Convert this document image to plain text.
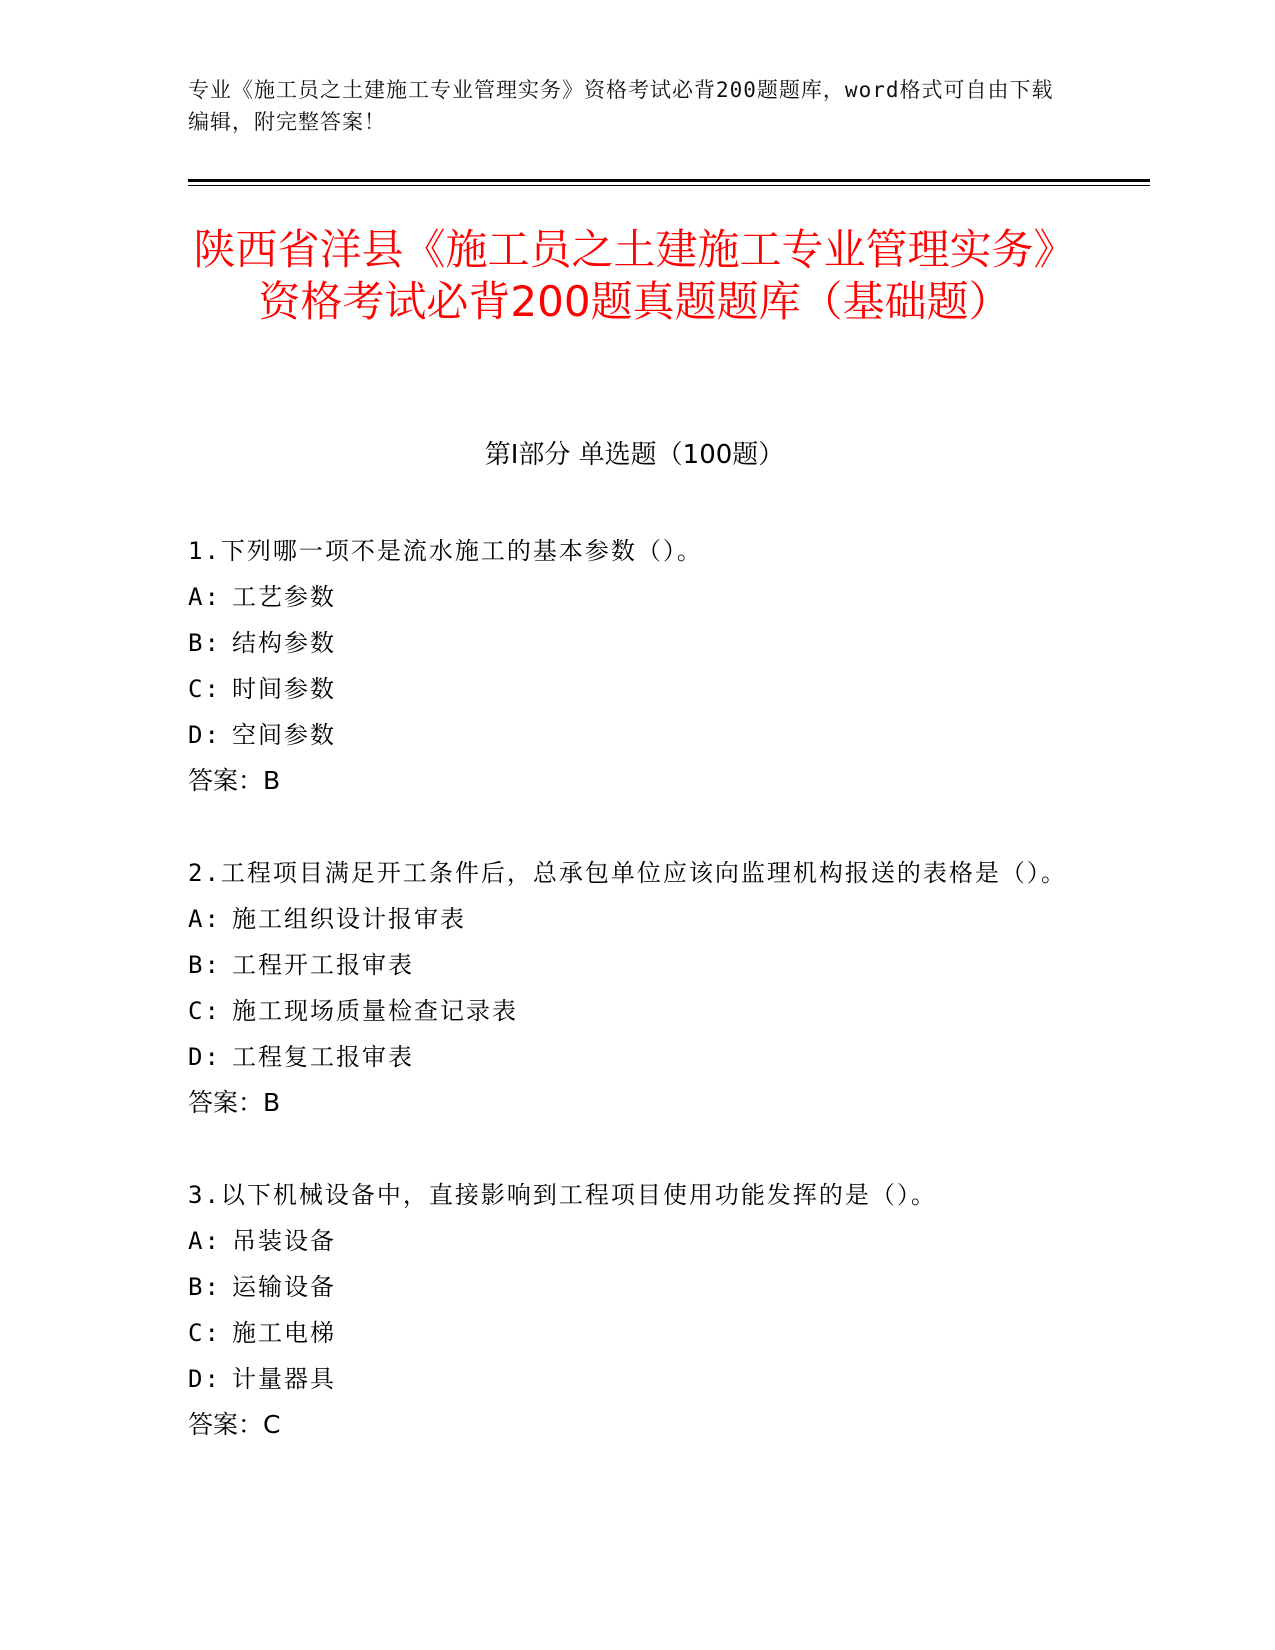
专业《施工员之土建施工专业管理实务》资格考试必背200题题库，word格式可自由下载编辑，附完整答案！
陕西省洋县《施工员之土建施工专业管理实务》资格考试必背200题真题题库（基础题）
第I部分 单选题（100题）

1.下列哪一项不是流水施工的基本参数（）。

A: 工艺参数

B: 结构参数

C: 时间参数

D: 空间参数

答案：B

2.工程项目满足开工条件后，总承包单位应该向监理机构报送的表格是（）。

A: 施工组织设计报审表

B: 工程开工报审表

C: 施工现场质量检查记录表

D: 工程复工报审表

答案：B

3.以下机械设备中，直接影响到工程项目使用功能发挥的是（）。

A: 吊装设备

B: 运输设备

C: 施工电梯

D: 计量器具

答案：C
